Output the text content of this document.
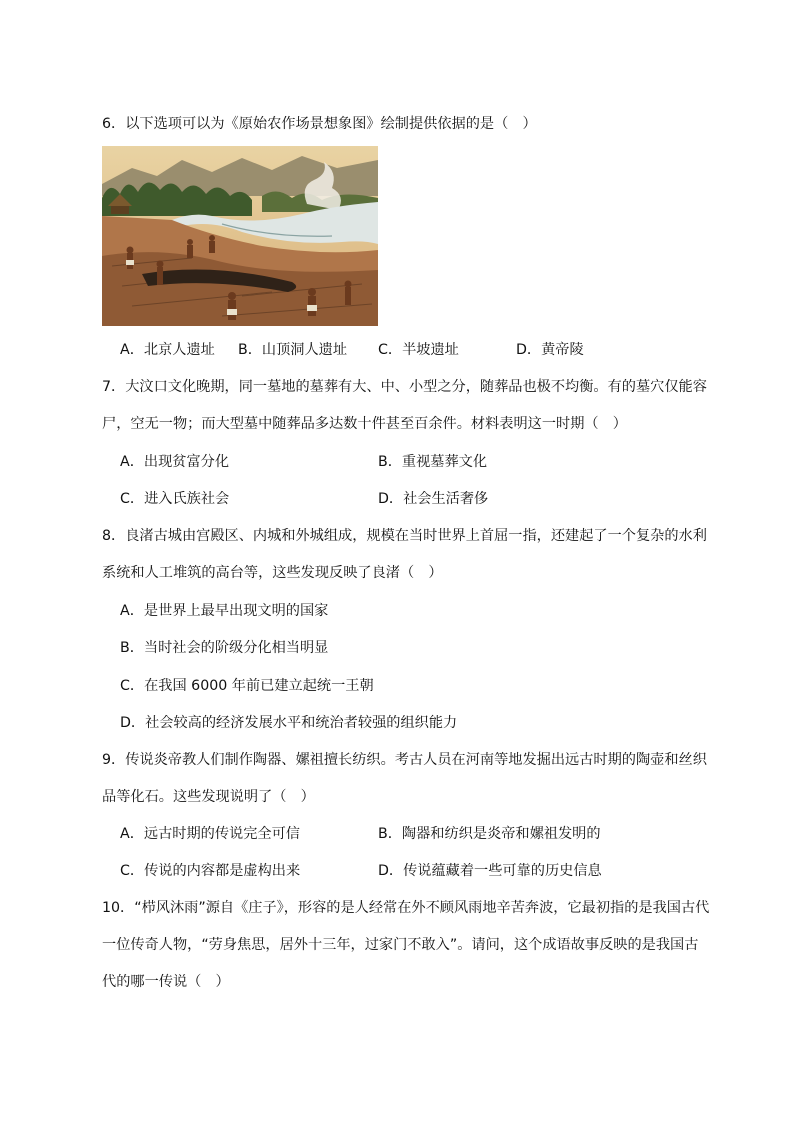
6．以下选项可以为《原始农作场景想象图》绘制提供依据的是（　）
A．北京人遗址 B．山顶洞人遗址 C．半坡遗址	D．黄帝陵
7．大汶口文化晚期，同一墓地的墓葬有大、中、小型之分，随葬品也极不均衡。有的墓穴仅能容
尸，空无一物；而大型墓中随葬品多达数十件甚至百余件。材料表明这一时期（　）
A．出现贫富分化	B．重视墓葬文化
C．进入氏族社会	D．社会生活奢侈
8．良渚古城由宫殿区、内城和外城组成，规模在当时世界上首屈一指，还建起了一个复杂的水利
系统和人工堆筑的高台等，这些发现反映了良渚（　）
A．是世界上最早出现文明的国家
B．当时社会的阶级分化相当明显
C．在我国 6000 年前已建立起统一王朝
D．社会较高的经济发展水平和统治者较强的组织能力
9．传说炎帝教人们制作陶器、嫘祖擅长纺织。考古人员在河南等地发掘出远古时期的陶壶和丝织
品等化石。这些发现说明了（　）
A．远古时期的传说完全可信	B．陶器和纺织是炎帝和嫘祖发明的
C．传说的内容都是虚构出来	D．传说蕴藏着一些可靠的历史信息
10．“栉风沐雨”源自《庄子》，形容的是人经常在外不顾风雨地辛苦奔波，它最初指的是我国古代
一位传奇人物，“劳身焦思，居外十三年，过家门不敢入”。请问，这个成语故事反映的是我国古
代的哪一传说（　）
